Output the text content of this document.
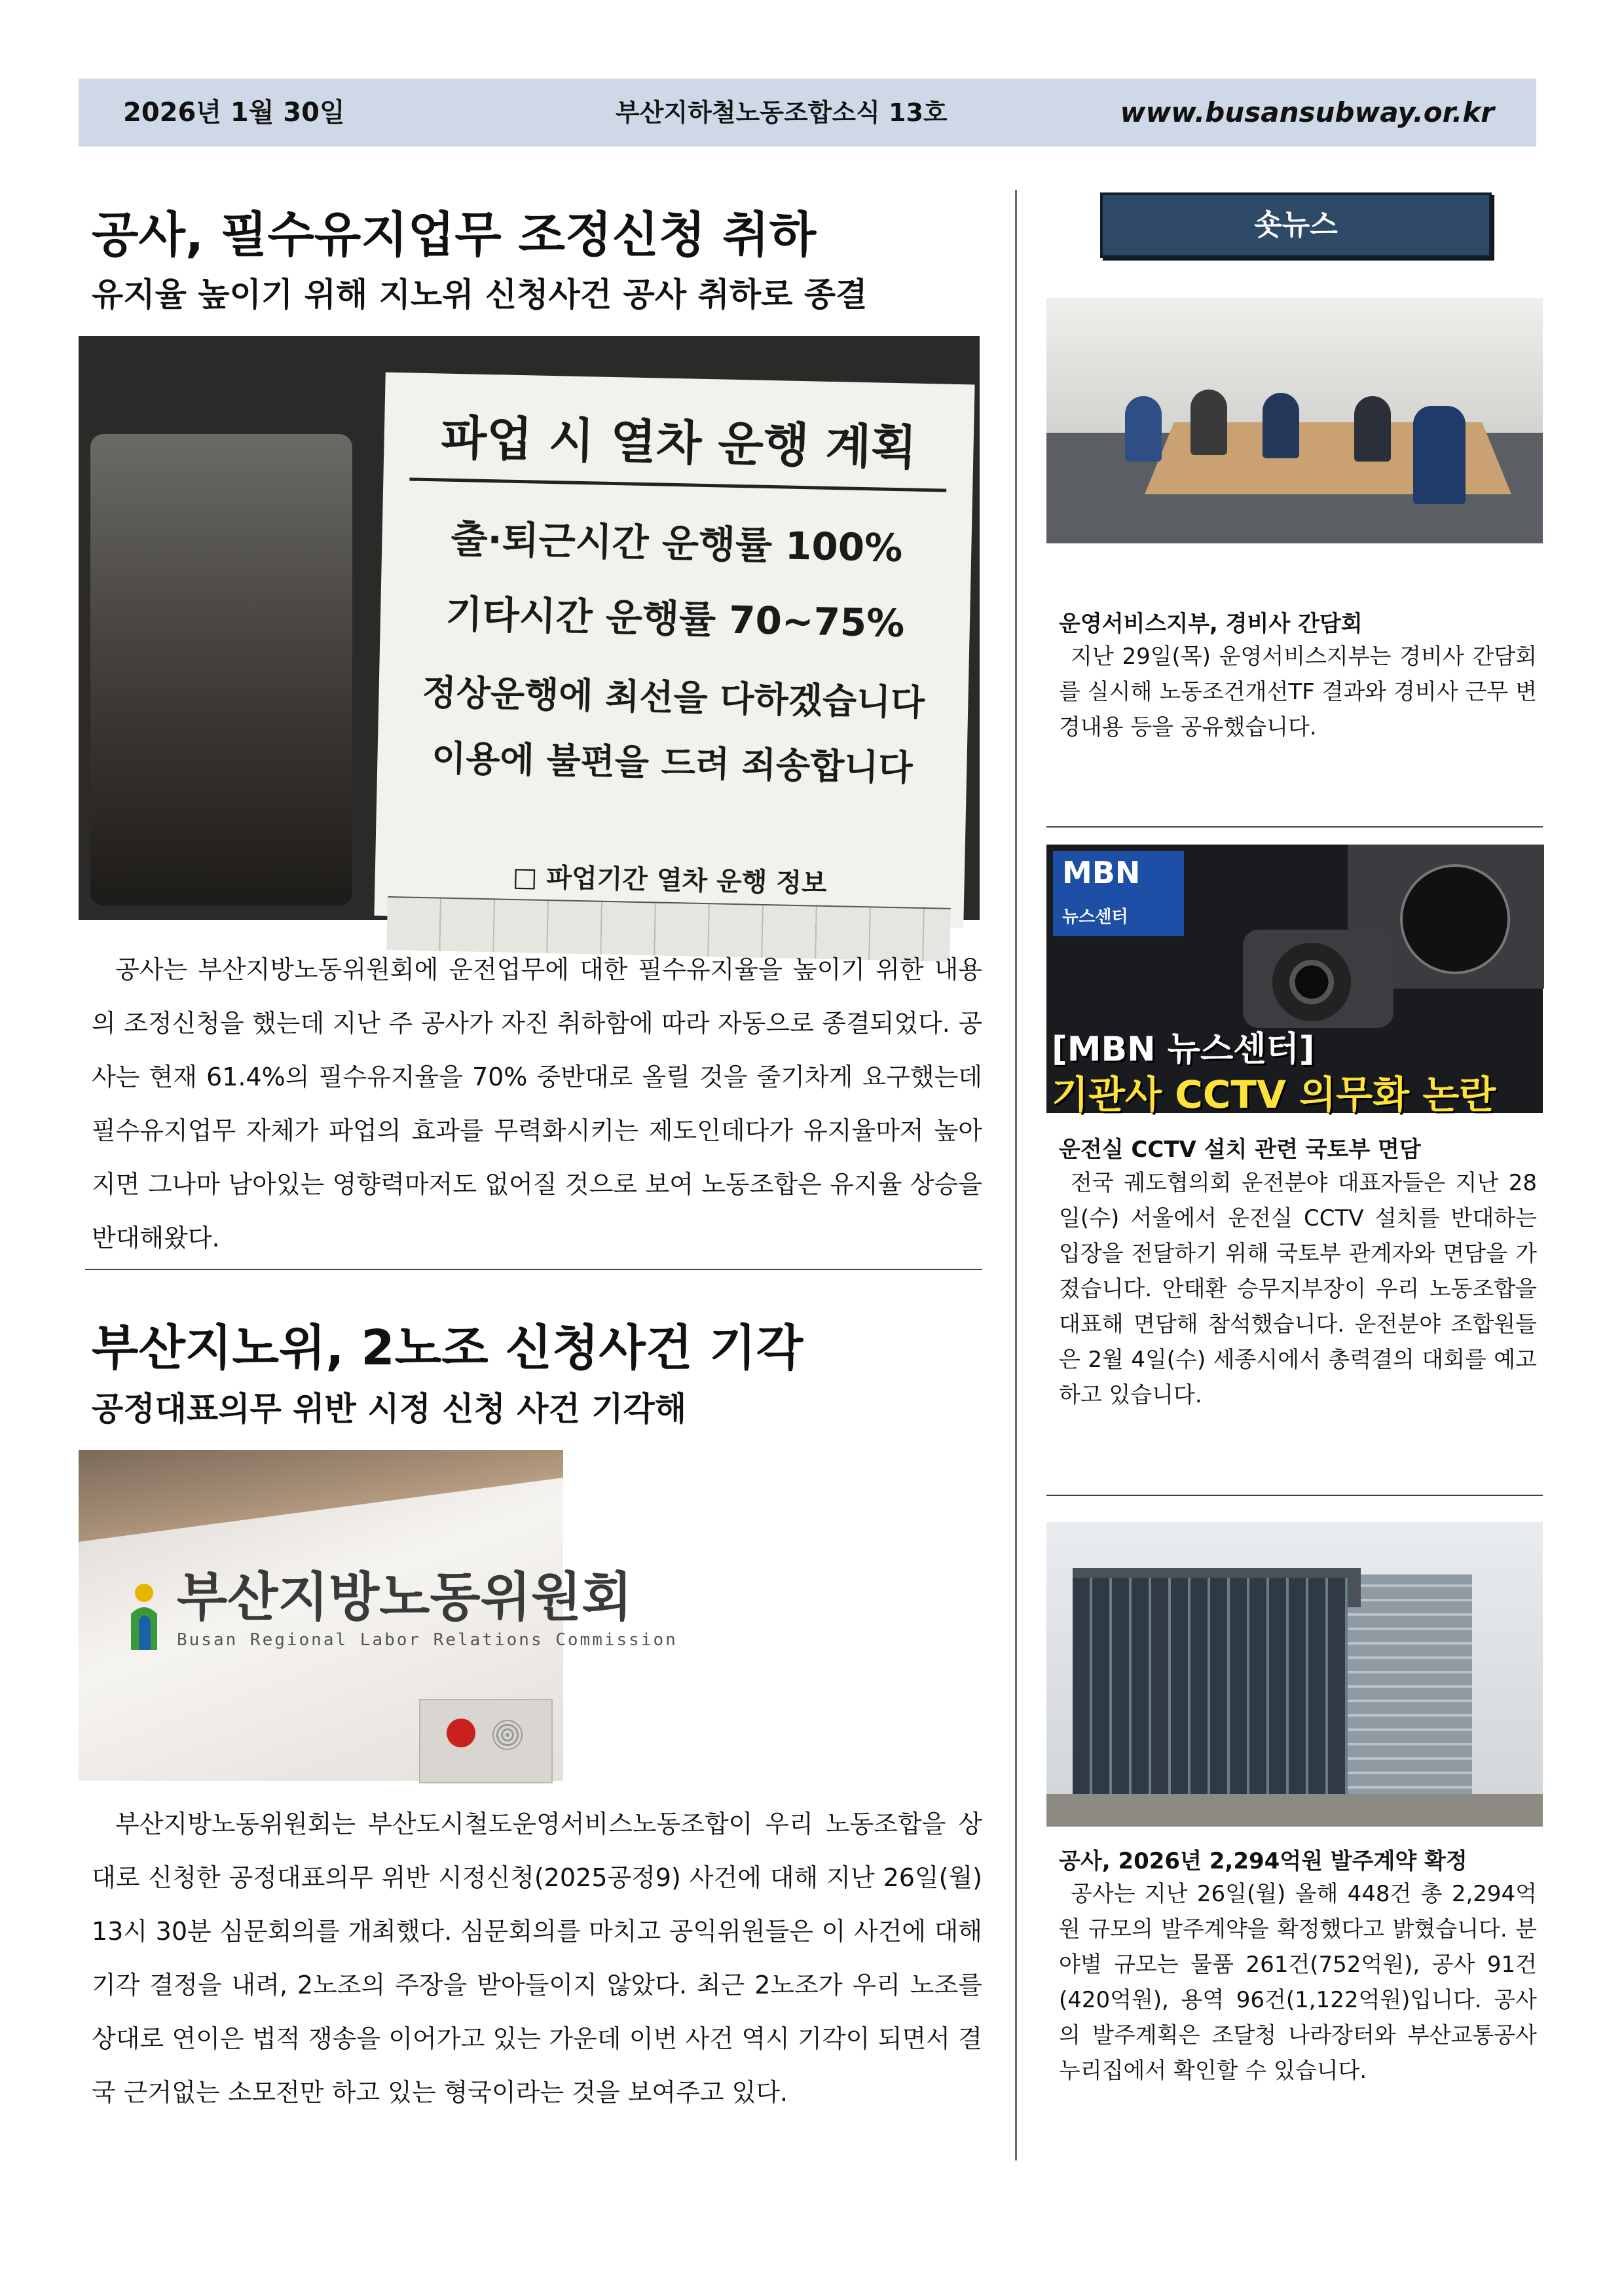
2026년 1월 30일	부산지하철노동조합소식 13호	www.busansubway.or.kr
공사, 필수유지업무 조정신청 취하
유지율 높이기 위해 지노위 신청사건 공사 취하로 종결
파업 시 열차 운행 계획
출·퇴근시간 운행률 100%
기타시간 운행률 70~75%
정상운행에 최선을 다하겠습니다
이용에 불편을 드려 죄송합니다
□ 파업기간 열차 운행 정보

공사는 부산지방노동위원회에 운전업무에 대한 필수유지율을 높이기 위한 내용의 조정신청을 했는데 지난 주 공사가 자진 취하함에 따라 자동으로 종결되었다. 공사는 현재 61.4%의 필수유지율을 70% 중반대로 올릴 것을 줄기차게 요구했는데 필수유지업무 자체가 파업의 효과를 무력화시키는 제도인데다가 유지율마저 높아지면 그나마 남아있는 영향력마저도 없어질 것으로 보여 노동조합은 유지율 상승을 반대해왔다.

부산지노위, 2노조 신청사건 기각
공정대표의무 위반 시정 신청 사건 기각해
부산지방노동위원회
Busan Regional Labor Relations Commission

부산지방노동위원회는 부산도시철도운영서비스노동조합이 우리 노동조합을 상대로 신청한 공정대표의무 위반 시정신청(2025공정9) 사건에 대해 지난 26일(월) 13시 30분 심문회의를 개최했다. 심문회의를 마치고 공익위원들은 이 사건에 대해 기각 결정을 내려, 2노조의 주장을 받아들이지 않았다. 최근 2노조가 우리 노조를 상대로 연이은 법적 쟁송을 이어가고 있는 가운데 이번 사건 역시 기각이 되면서 결국 근거없는 소모전만 하고 있는 형국이라는 것을 보여주고 있다.

숏뉴스
운영서비스지부, 경비사 간담회

지난 29일(목) 운영서비스지부는 경비사 간담회를 실시해 노동조건개선TF 결과와 경비사 근무 변경내용 등을 공유했습니다.

MBN
뉴스센터
[MBN 뉴스센터]
기관사 CCTV 의무화 논란
운전실 CCTV 설치 관련 국토부 면담

전국 궤도협의회 운전분야 대표자들은 지난 28일(수) 서울에서 운전실 CCTV 설치를 반대하는 입장을 전달하기 위해 국토부 관계자와 면담을 가졌습니다. 안태환 승무지부장이 우리 노동조합을 대표해 면담해 참석했습니다. 운전분야 조합원들은 2월 4일(수) 세종시에서 총력결의 대회를 예고하고 있습니다.

공사, 2026년 2,294억원 발주계약 확정

공사는 지난 26일(월) 올해 448건 총 2,294억원 규모의 발주계약을 확정했다고 밝혔습니다. 분야별 규모는 물품 261건(752억원), 공사 91건(420억원), 용역 96건(1,122억원)입니다. 공사의 발주계획은 조달청 나라장터와 부산교통공사 누리집에서 확인할 수 있습니다.
